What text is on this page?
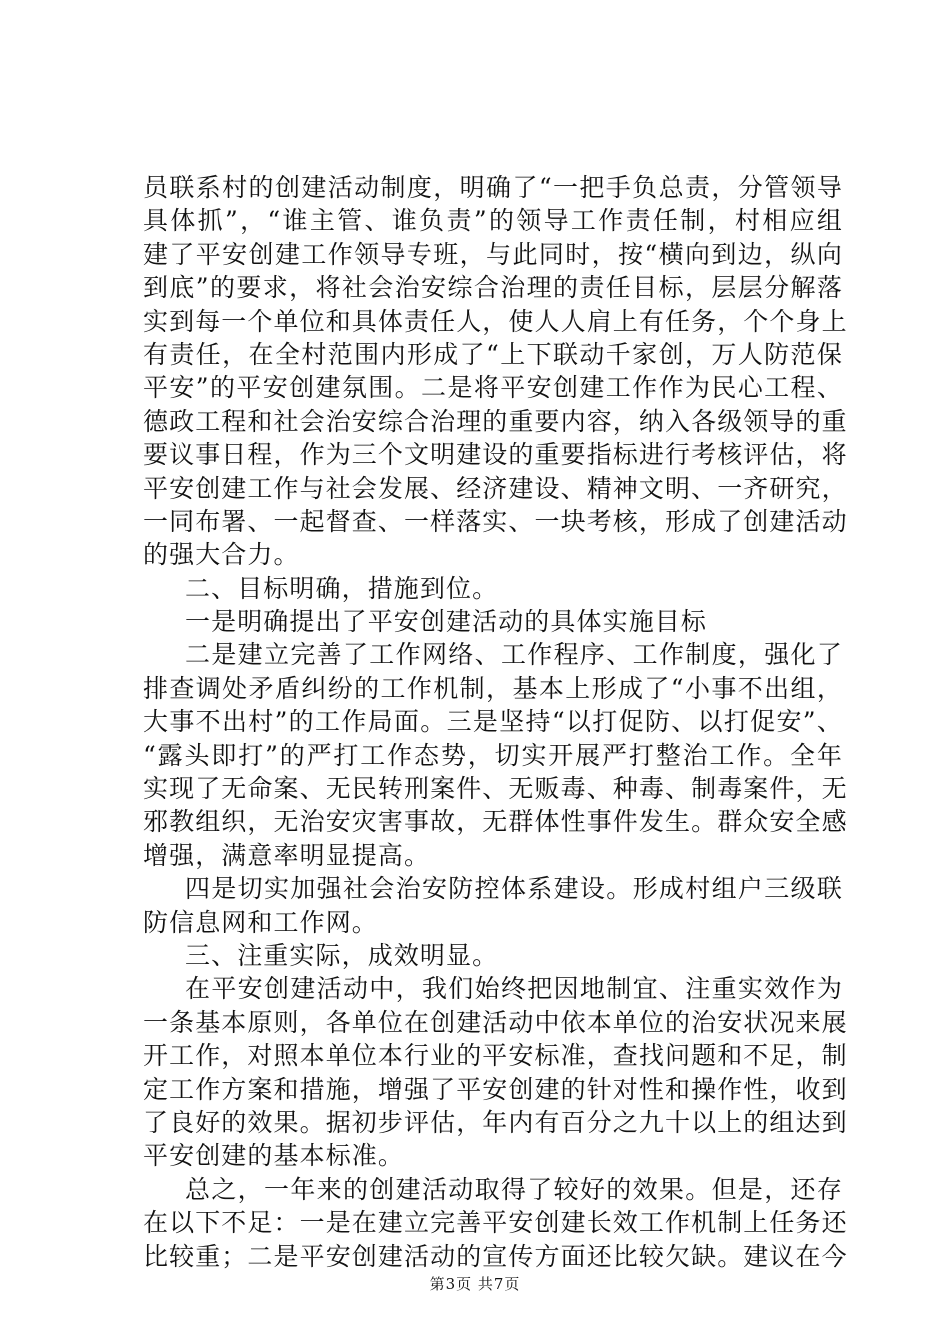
员联系村的创建活动制度，明确了“一把手负总责，分管领导
具体抓”，“谁主管、谁负责”的领导工作责任制，村相应组
建了平安创建工作领导专班，与此同时，按“横向到边，纵向
到底”的要求，将社会治安综合治理的责任目标，层层分解落
实到每一个单位和具体责任人，使人人肩上有任务，个个身上
有责任，在全村范围内形成了“上下联动千家创，万人防范保
平安”的平安创建氛围。二是将平安创建工作作为民心工程、
德政工程和社会治安综合治理的重要内容，纳入各级领导的重
要议事日程，作为三个文明建设的重要指标进行考核评估，将
平安创建工作与社会发展、经济建设、精神文明、一齐研究，
一同布署、一起督查、一样落实、一块考核，形成了创建活动
的强大合力。
二、目标明确，措施到位。
一是明确提出了平安创建活动的具体实施目标
二是建立完善了工作网络、工作程序、工作制度，强化了
排查调处矛盾纠纷的工作机制，基本上形成了“小事不出组，
大事不出村”的工作局面。三是坚持“以打促防、以打促安”、
“露头即打”的严打工作态势，切实开展严打整治工作。全年
实现了无命案、无民转刑案件、无贩毒、种毒、制毒案件，无
邪教组织，无治安灾害事故，无群体性事件发生。群众安全感
增强，满意率明显提高。
四是切实加强社会治安防控体系建设。形成村组户三级联
防信息网和工作网。
三、注重实际，成效明显。
在平安创建活动中，我们始终把因地制宜、注重实效作为
一条基本原则，各单位在创建活动中依本单位的治安状况来展
开工作，对照本单位本行业的平安标准，查找问题和不足，制
定工作方案和措施，增强了平安创建的针对性和操作性，收到
了良好的效果。据初步评估，年内有百分之九十以上的组达到
平安创建的基本标准。
总之，一年来的创建活动取得了较好的效果。但是，还存
在以下不足：一是在建立完善平安创建长效工作机制上任务还
比较重；二是平安创建活动的宣传方面还比较欠缺。建议在今
第3页 共7页
